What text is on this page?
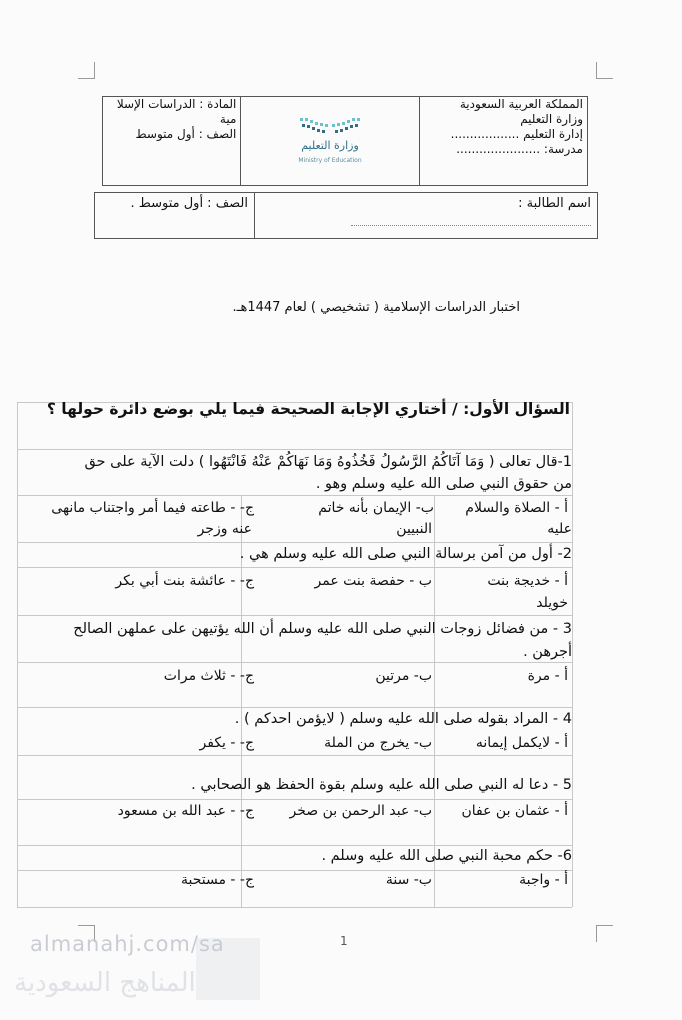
المملكة العربية السعودية
وزارة التعليم
إدارة التعليم ..................
مدرسة: ......................

وزارة التعليم
Ministry of Education

المادة : الدراسات الإسلا
مية
الصف : أول متوسط
اسم الطالبة :
	الصف : أول متوسط .
اختبار الدراسات الإسلامية ( تشخيصي ) لعام 1447هـ.
السؤال الأول: / أختاري الإجابة الصحيحة فيما يلي بوضع دائرة حولها ؟
1-قال تعالى ( وَمَا آتَاكُمُ الرَّسُولُ فَخُذُوهُ وَمَا نَهَاكُمْ عَنْهُ فَانْتَهُوا ) دلت الآية على حق
من حقوق النبي صلى الله عليه وسلم وهو .
أ - الصلاة والسلام
عليه
ب- الإيمان بأنه خاتم
النبيين
ج- - طاعته فيما أمر واجتناب مانهى
عنه وزجر
2- أول من آمن برسالة النبي صلى الله عليه وسلم هي .
أ - خديجة بنت
خويلد
ب - حفصة بنت عمر
ج- - عائشة بنت أبي بكر
3 - من فضائل زوجات النبي صلى الله عليه وسلم أن الله يؤتيهن على عملهن الصالح
أجرهن .
أ - مرة
ب- مرتين
ج- - ثلاث مرات
4 - المراد بقوله صلى الله عليه وسلم ( لايؤمن احدكم ) .
أ - لايكمل إيمانه
ب- يخرج من الملة
ج- - يكفر
5 - دعا له النبي صلى الله عليه وسلم بقوة الحفظ هو الصحابي .
أ - عثمان بن عفان
ب- عبد الرحمن بن صخر
ج- - عبد الله بن مسعود
6- حكم محبة النبي صلى الله عليه وسلم .
أ - واجبة
ب- سنة
ج- - مستحبة
1
almanahj.com/sa
المناهج السعودية
